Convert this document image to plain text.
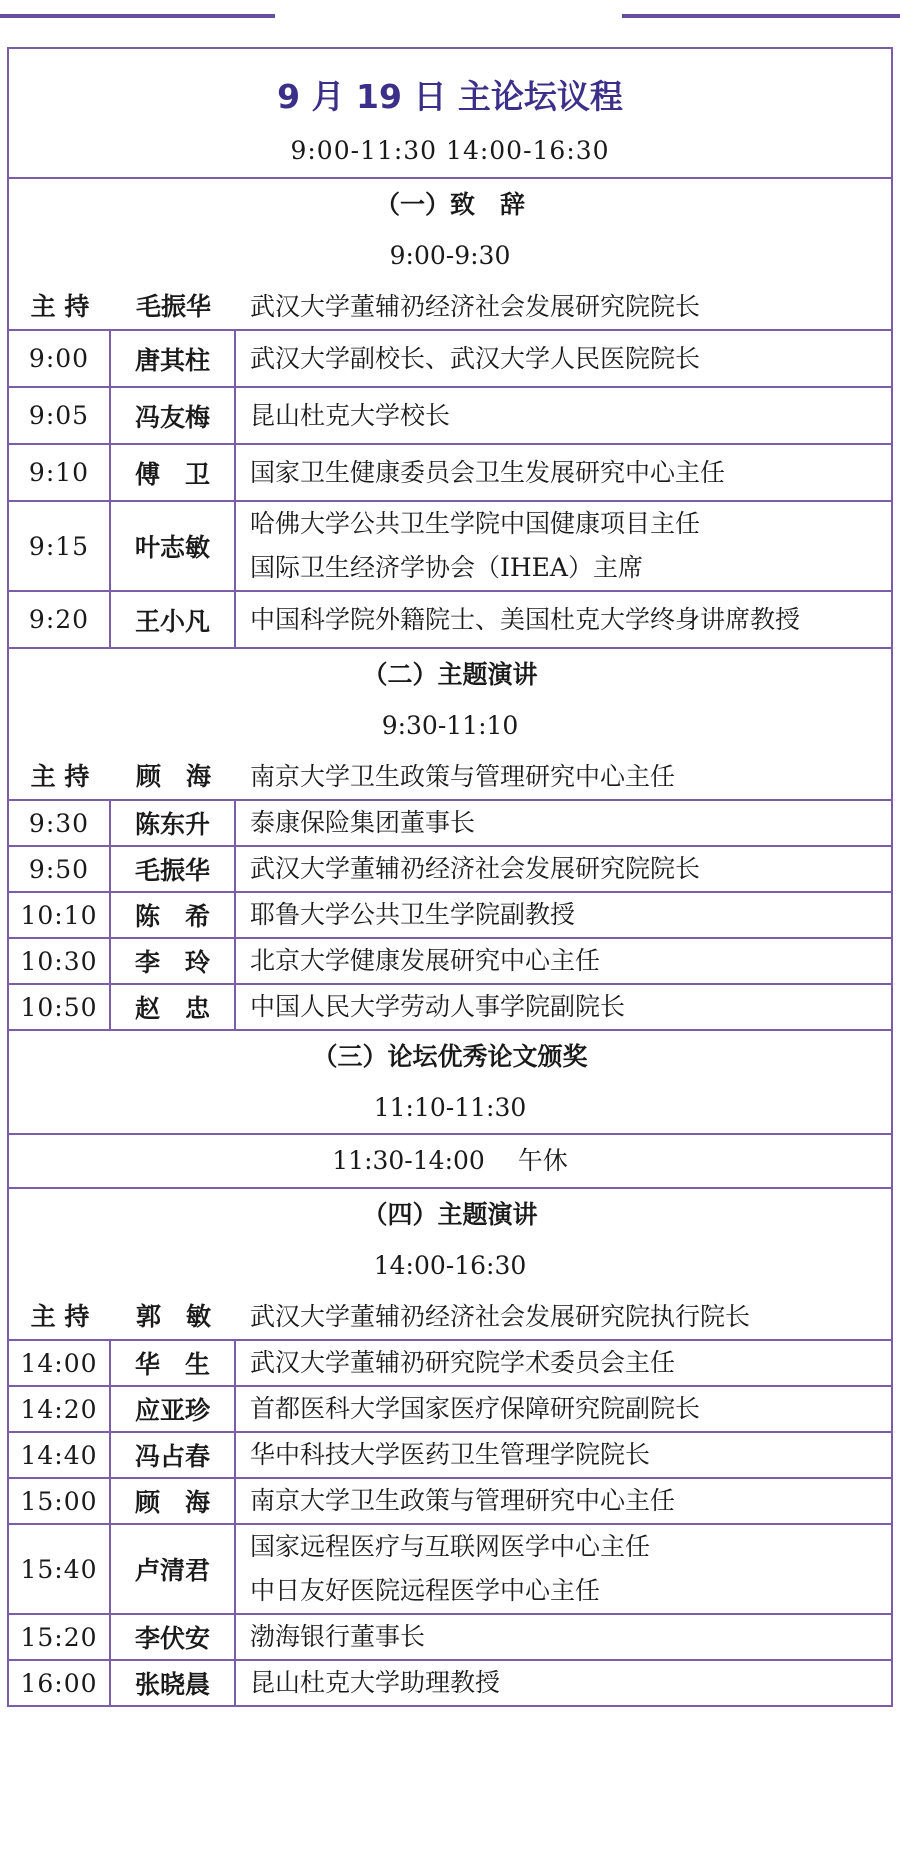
9 月 19 日 主论坛议程
9:00-11:30 14:00-16:30		

（一）致　辞
9:00-9:30
主 持 毛振华 武汉大学董辅礽经济社会发展研究院院长		

9:00	唐其柱	武汉大学副校长、武汉大学人民医院院长

9:05	冯友梅	昆山杜克大学校长

9:10	傅　卫	国家卫生健康委员会卫生发展研究中心主任

9:15	叶志敏	哈佛大学公共卫生学院中国健康项目主任
国际卫生经济学协会（IHEA）主席

9:20	王小凡	中国科学院外籍院士、美国杜克大学终身讲席教授

（二）主题演讲
9:30-11:10
主 持 顾　海 南京大学卫生政策与管理研究中心主任		

9:30	陈东升	泰康保险集团董事长

9:50	毛振华	武汉大学董辅礽经济社会发展研究院院长

10:10	陈　希	耶鲁大学公共卫生学院副教授

10:30	李　玲	北京大学健康发展研究中心主任

10:50	赵　忠	中国人民大学劳动人事学院副院长

（三）论坛优秀论文颁奖
11:10-11:30		

11:30-14:00　 午休		

（四）主题演讲
14:00-16:30
主 持 郭　敏 武汉大学董辅礽经济社会发展研究院执行院长		

14:00	华　生	武汉大学董辅礽研究院学术委员会主任

14:20	应亚珍	首都医科大学国家医疗保障研究院副院长

14:40	冯占春	华中科技大学医药卫生管理学院院长

15:00	顾　海	南京大学卫生政策与管理研究中心主任

15:40	卢清君	国家远程医疗与互联网医学中心主任
中日友好医院远程医学中心主任

15:20	李伏安	渤海银行董事长

16:00	张晓晨	昆山杜克大学助理教授
